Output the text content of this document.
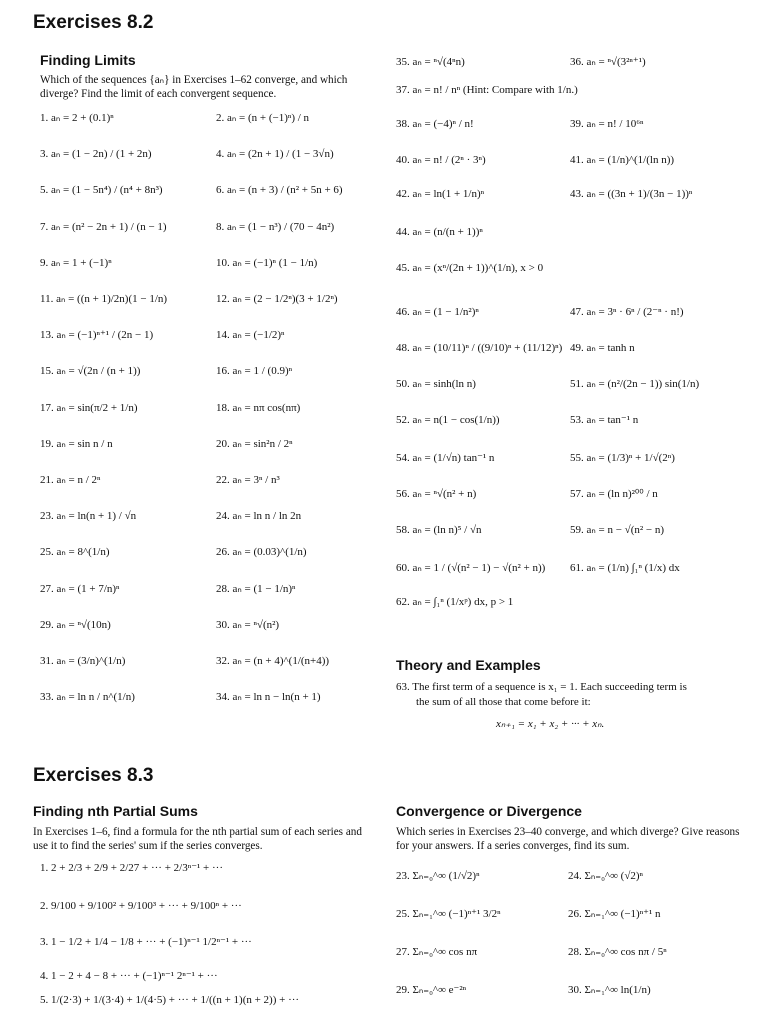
Exercises 8.2
Finding Limits
Which of the sequences {aₙ} in Exercises 1–62 converge, and which diverge? Find the limit of each convergent sequence.
1. aₙ = 2 + (0.1)ⁿ	2. aₙ = (n + (−1)ⁿ) / n
3. aₙ = (1 − 2n) / (1 + 2n)	4. aₙ = (2n + 1) / (1 − 3√n)
5. aₙ = (1 − 5n⁴) / (n⁴ + 8n³)	6. aₙ = (n + 3) / (n² + 5n + 6)
7. aₙ = (n² − 2n + 1) / (n − 1)	8. aₙ = (1 − n³) / (70 − 4n²)
9. aₙ = 1 + (−1)ⁿ	10. aₙ = (−1)ⁿ (1 − 1/n)
11. aₙ = ((n + 1)/2n)(1 − 1/n)	12. aₙ = (2 − 1/2ⁿ)(3 + 1/2ⁿ)
13. aₙ = (−1)ⁿ⁺¹ / (2n − 1)	14. aₙ = (−1/2)ⁿ
15. aₙ = √(2n / (n + 1))	16. aₙ = 1 / (0.9)ⁿ
17. aₙ = sin(π/2 + 1/n)	18. aₙ = nπ cos(nπ)
19. aₙ = sin n / n	20. aₙ = sin²n / 2ⁿ
21. aₙ = n / 2ⁿ	22. aₙ = 3ⁿ / n³
23. aₙ = ln(n + 1) / √n	24. aₙ = ln n / ln 2n
25. aₙ = 8^(1/n)	26. aₙ = (0.03)^(1/n)
27. aₙ = (1 + 7/n)ⁿ	28. aₙ = (1 − 1/n)ⁿ
29. aₙ = ⁿ√(10n)	30. aₙ = ⁿ√(n²)
31. aₙ = (3/n)^(1/n)	32. aₙ = (n + 4)^(1/(n+4))
33. aₙ = ln n / n^(1/n)	34. aₙ = ln n − ln(n + 1)
35. aₙ = ⁿ√(4ⁿn)	36. aₙ = ⁿ√(3²ⁿ⁺¹)
37. aₙ = n! / nⁿ (Hint: Compare with 1/n.)
38. aₙ = (−4)ⁿ / n!	39. aₙ = n! / 10⁶ⁿ
40. aₙ = n! / (2ⁿ · 3ⁿ)	41. aₙ = (1/n)^(1/(ln n))
42. aₙ = ln(1 + 1/n)ⁿ	43. aₙ = ((3n + 1)/(3n − 1))ⁿ
44. aₙ = (n/(n + 1))ⁿ
45. aₙ = (xⁿ/(2n + 1))^(1/n), x > 0
46. aₙ = (1 − 1/n²)ⁿ	47. aₙ = 3ⁿ · 6ⁿ / (2⁻ⁿ · n!)
48. aₙ = (10/11)ⁿ / ((9/10)ⁿ + (11/12)ⁿ) 49. aₙ = tanh n
50. aₙ = sinh(ln n)	51. aₙ = (n²/(2n − 1)) sin(1/n)
52. aₙ = n(1 − cos(1/n))	53. aₙ = tan⁻¹ n
54. aₙ = (1/√n) tan⁻¹ n	55. aₙ = (1/3)ⁿ + 1/√(2ⁿ)
56. aₙ = ⁿ√(n² + n)	57. aₙ = (ln n)²⁰⁰ / n
58. aₙ = (ln n)⁵ / √n	59. aₙ = n − √(n² − n)
60. aₙ = 1 / (√(n² − 1) − √(n² + n)) 61. aₙ = (1/n) ∫₁ⁿ (1/x) dx
62. aₙ = ∫₁ⁿ (1/xᵖ) dx, p > 1
Theory and Examples
63. The first term of a sequence is x₁ = 1. Each succeeding term is
the sum of all those that come before it:
xₙ₊₁ = x₁ + x₂ + ··· + xₙ.
Exercises 8.3
Finding nth Partial Sums
In Exercises 1–6, find a formula for the nth partial sum of each series and use it to find the series' sum if the series converges.
1. 2 + 2/3 + 2/9 + 2/27 + ··· + 2/3ⁿ⁻¹ + ···
2. 9/100 + 9/100² + 9/100³ + ··· + 9/100ⁿ + ···
3. 1 − 1/2 + 1/4 − 1/8 + ··· + (−1)ⁿ⁻¹ 1/2ⁿ⁻¹ + ···
4. 1 − 2 + 4 − 8 + ··· + (−1)ⁿ⁻¹ 2ⁿ⁻¹ + ···
5. 1/(2·3) + 1/(3·4) + 1/(4·5) + ··· + 1/((n + 1)(n + 2)) + ···
Convergence or Divergence
Which series in Exercises 23–40 converge, and which diverge? Give reasons for your answers. If a series converges, find its sum.
23. Σₙ₌₀^∞ (1/√2)ⁿ	24. Σₙ₌₀^∞ (√2)ⁿ
25. Σₙ₌₁^∞ (−1)ⁿ⁺¹ 3/2ⁿ	26. Σₙ₌₁^∞ (−1)ⁿ⁺¹ n
27. Σₙ₌₀^∞ cos nπ	28. Σₙ₌₀^∞ cos nπ / 5ⁿ
29. Σₙ₌₀^∞ e⁻²ⁿ	30. Σₙ₌₁^∞ ln(1/n)
